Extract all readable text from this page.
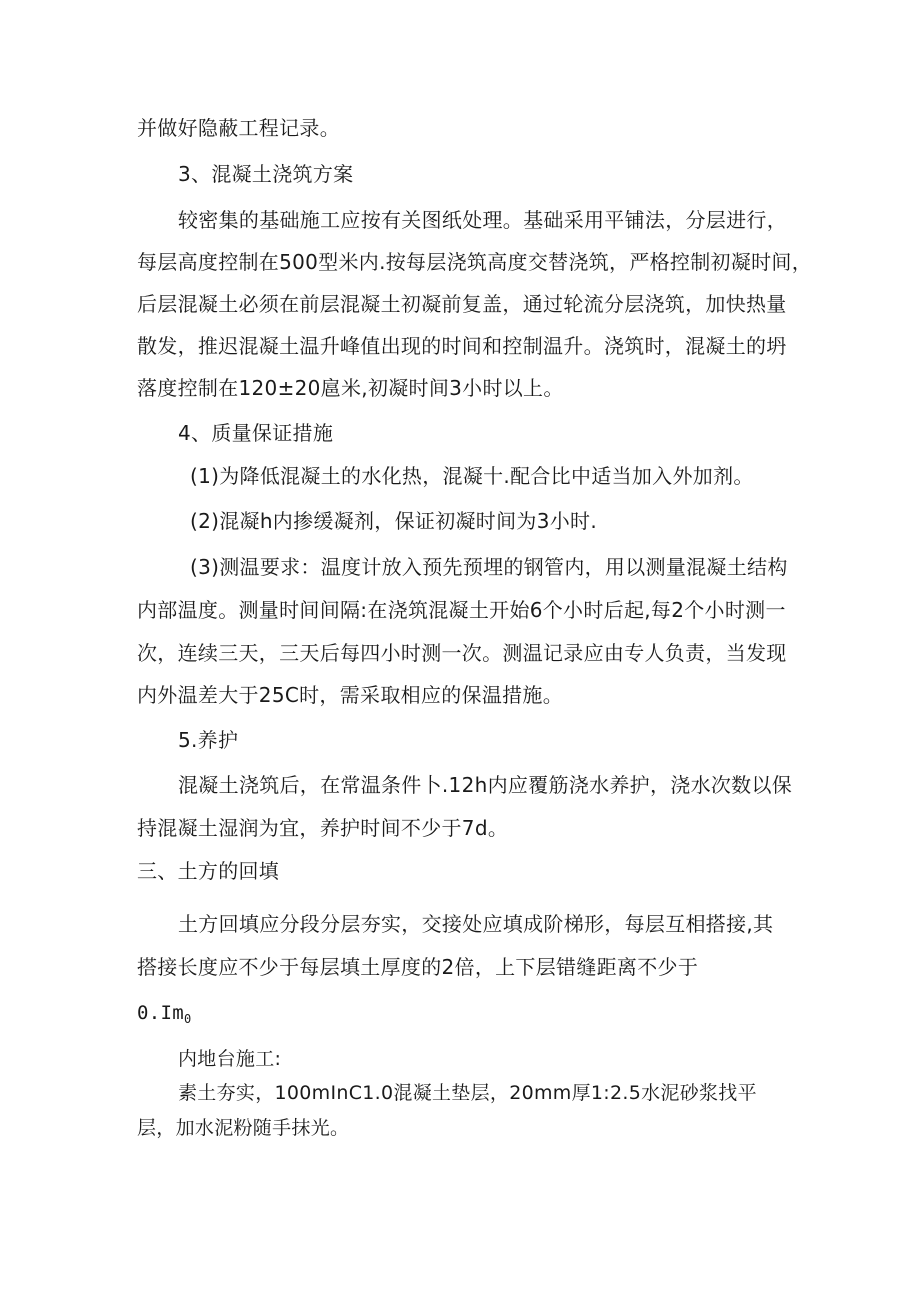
并做好隐蔽工程记录。
3、混凝土浇筑方案
较密集的基础施工应按有关图纸处理。基础采用平铺法，分层进行，
每层高度控制在500型米内.按每层浇筑高度交替浇筑，严格控制初凝时间，
后层混凝土必须在前层混凝土初凝前复盖，通过轮流分层浇筑，加快热量
散发，推迟混凝土温升峰值出现的时间和控制温升。浇筑时，混凝土的坍
落度控制在120±20扈米,初凝时间3小时以上。
4、质量保证措施
(1)为降低混凝土的水化热，混凝十.配合比中适当加入外加剂。
(2)混凝h内掺缓凝剂，保证初凝时间为3小时.
(3)测温要求：温度计放入预先预埋的钢管内，用以测量混凝土结构
内部温度。测量时间间隔:在浇筑混凝土开始6个小时后起,每2个小时测一
次，连续三天，三天后每四小时测一次。测温记录应由专人负责，当发现
内外温差大于25C时，需采取相应的保温措施。
5.养护
混凝土浇筑后，在常温条件卜.12h内应覆筋浇水养护，浇水次数以保
持混凝土湿润为宜，养护时间不少于7d。
三、土方的回填
土方回填应分段分层夯实，交接处应填成阶梯形，每层互相搭接,其
搭接长度应不少于每层填土厚度的2倍，上下层错缝距离不少于
$0.Im_0$
内地台施工:
素土夯实，100mInC1.0混凝土垫层，20mm厚1:2.5水泥砂浆找平
层，加水泥粉随手抹光。
